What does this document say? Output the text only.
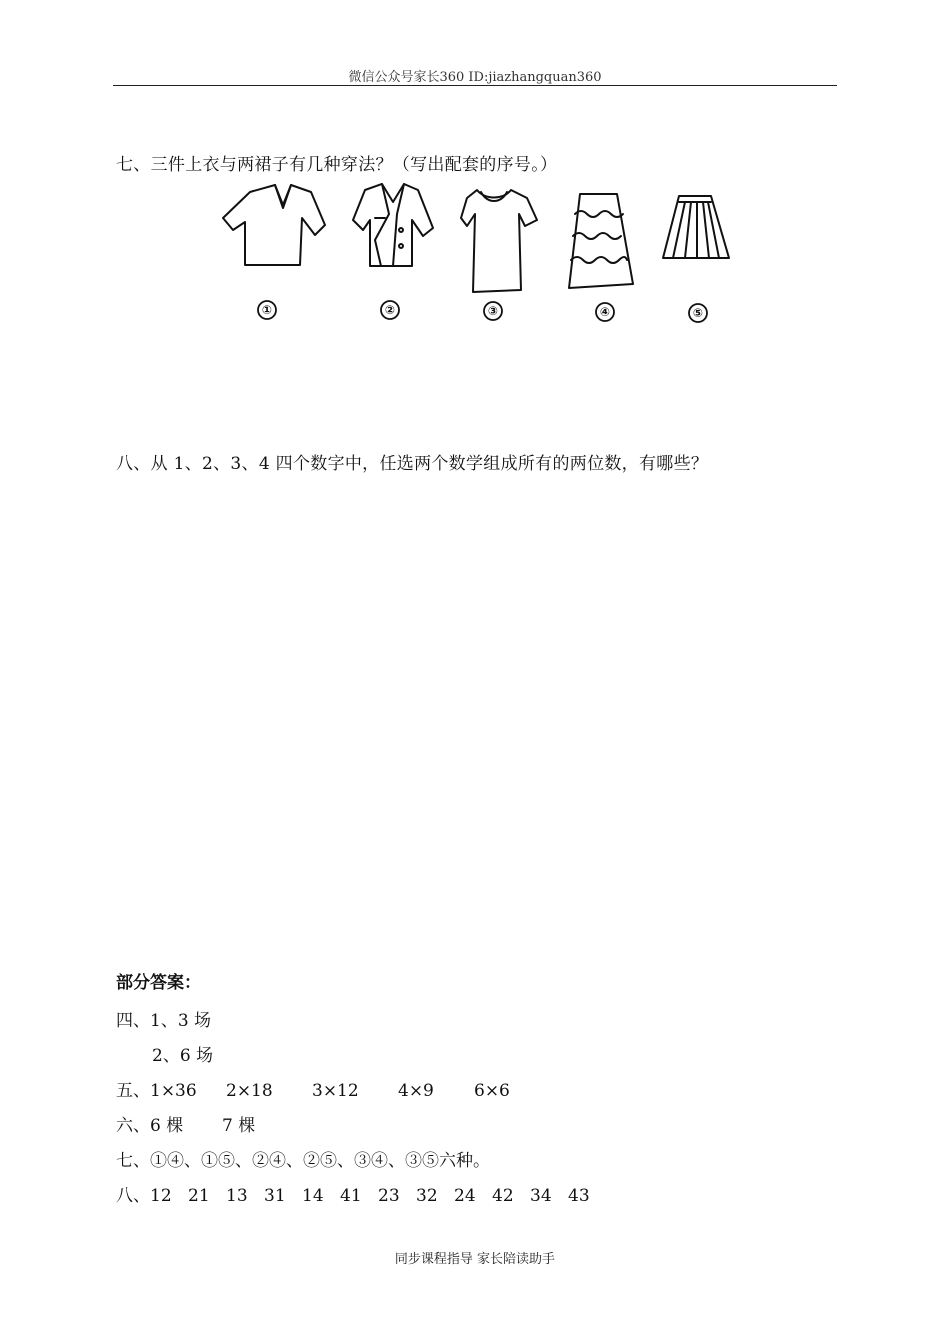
微信公众号家长360 ID:jiazhangquan360
七、三件上衣与两裙子有几种穿法？（写出配套的序号。）
①	②	③	④	⑤
八、从 1、2、3、4 四个数字中，任选两个数学组成所有的两位数，有哪些？
部分答案：
四、1、3 场
2、6 场
五、1×36 2×18 3×12 4×9 6×6
六、6 棵 7 棵
七、①④、①⑤、②④、②⑤、③④、③⑤六种。
八、12 21 13 31 14 41 23 32 24 42 34 43
同步课程指导 家长陪读助手
